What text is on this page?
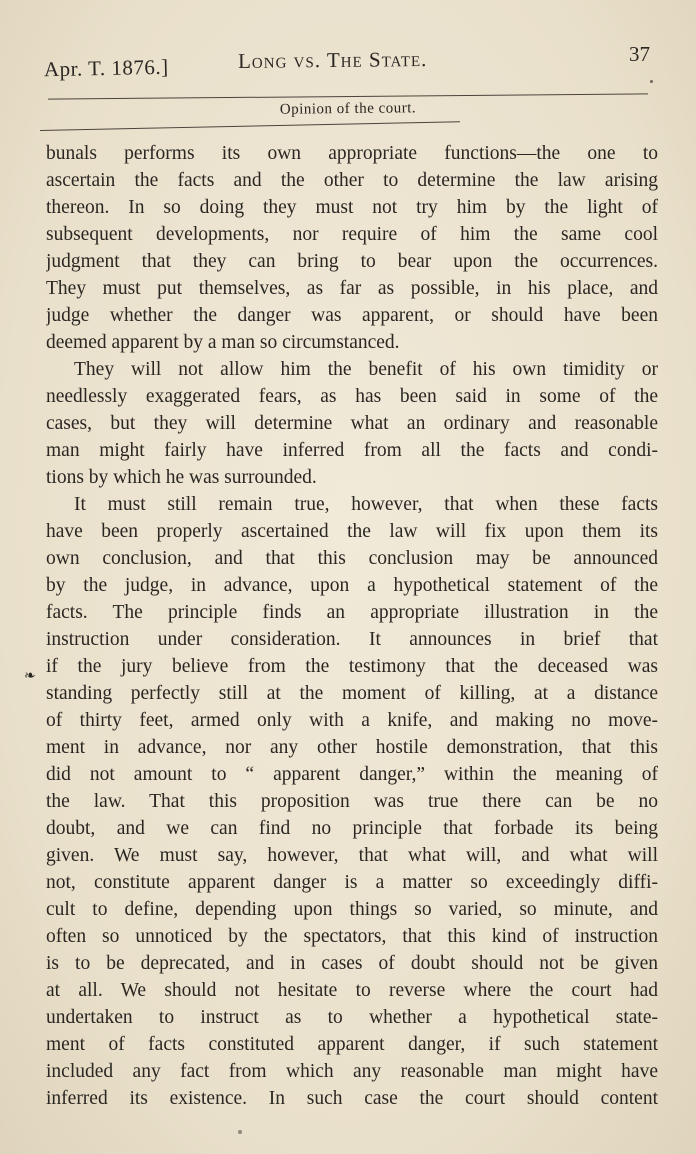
Apr. T. 1876.]	Long vs. The State.	37
Opinion of the court.
❧
bunals performs its own appropriate functions—the one to
ascertain the facts and the other to determine the law arising
thereon. In so doing they must not try him by the light of
subsequent developments, nor require of him the same cool
judgment that they can bring to bear upon the occurrences.
They must put themselves, as far as possible, in his place, and
judge whether the danger was apparent, or should have been
deemed apparent by a man so circumstanced.
They will not allow him the benefit of his own timidity or
needlessly exaggerated fears, as has been said in some of the
cases, but they will determine what an ordinary and reasonable
man might fairly have inferred from all the facts and condi-
tions by which he was surrounded.
It must still remain true, however, that when these facts
have been properly ascertained the law will fix upon them its
own conclusion, and that this conclusion may be announced
by the judge, in advance, upon a hypothetical statement of the
facts. The principle finds an appropriate illustration in the
instruction under consideration. It announces in brief that
if the jury believe from the testimony that the deceased was
standing perfectly still at the moment of killing, at a distance
of thirty feet, armed only with a knife, and making no move-
ment in advance, nor any other hostile demonstration, that this
did not amount to “ apparent danger,” within the meaning of
the law. That this proposition was true there can be no
doubt, and we can find no principle that forbade its being
given. We must say, however, that what will, and what will
not, constitute apparent danger is a matter so exceedingly diffi-
cult to define, depending upon things so varied, so minute, and
often so unnoticed by the spectators, that this kind of instruction
is to be deprecated, and in cases of doubt should not be given
at all. We should not hesitate to reverse where the court had
undertaken to instruct as to whether a hypothetical state-
ment of facts constituted apparent danger, if such statement
included any fact from which any reasonable man might have
inferred its existence. In such case the court should content
